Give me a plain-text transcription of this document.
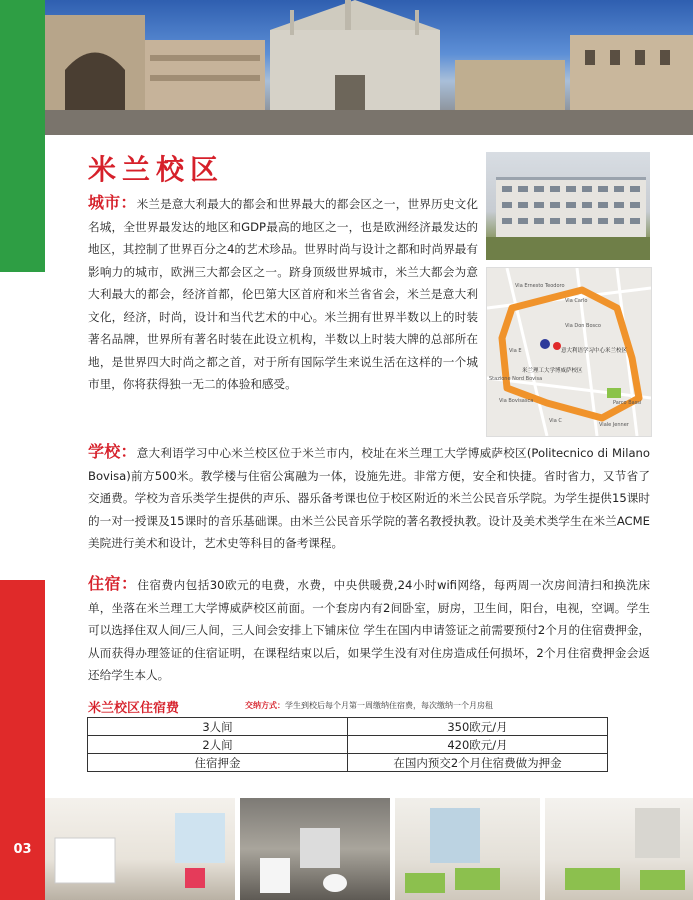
03
米兰校区
意大利语学习中心米兰校区
米兰理工大学博威萨校区
Via Ernesto Teodoro
Via Don Bosco
Via Carlo
Via Bovisasca
Stazione Nord Bovisa
Parco Bassi
Viale Jenner
Via E
Via C
城市：米兰是意大利最大的都会和世界最大的都会区之一，世界历史文化名城，全世界最发达的地区和GDP最高的地区之一，也是欧洲经济最发达的地区，其控制了世界百分之4的艺术珍品。世界时尚与设计之都和时尚界最有影响力的城市，欧洲三大都会区之一。跻身顶级世界城市，米兰大都会为意大利最大的都会，经济首都，伦巴第大区首府和米兰省省会，米兰是意大利文化，经济，时尚，设计和当代艺术的中心。米兰拥有世界半数以上的时装著名品牌，世界所有著名时装在此设立机构，半数以上时装大牌的总部所在地，是世界四大时尚之都之首，对于所有国际学生来说生活在这样的一个城市里，你将获得独一无二的体验和感受。
学校：意大利语学习中心米兰校区位于米兰市内，校址在米兰理工大学博威萨校区(Politecnico di Milano Bovisa)前方500米。教学楼与住宿公寓融为一体，设施先进。非常方便，安全和快捷。省时省力，又节省了交通费。学校为音乐类学生提供的声乐、器乐备考课也位于校区附近的米兰公民音乐学院。为学生提供15课时的一对一授课及15课时的音乐基础课。由米兰公民音乐学院的著名教授执教。设计及美术类学生在米兰ACME美院进行美术和设计，艺术史等科目的备考课程。
住宿：住宿费内包括30欧元的电费，水费，中央供暖费,24小时wifi网络，每两周一次房间清扫和换洗床单，坐落在米兰理工大学博威萨校区前面。一个套房内有2间卧室，厨房，卫生间，阳台，电视，空调。学生可以选择住双人间/三人间，三人间会安排上下铺床位 学生在国内申请签证之前需要预付2个月的住宿费押金，从而获得办理签证的住宿证明，在课程结束以后，如果学生没有对住房造成任何损坏，2个月住宿费押金会返还给学生本人。
米兰校区住宿费	交纳方式：学生到校后每个月第一周缴纳住宿费，每次缴纳一个月房租
3人间	350欧元/月
2人间	420欧元/月
住宿押金	在国内预交2个月住宿费做为押金
